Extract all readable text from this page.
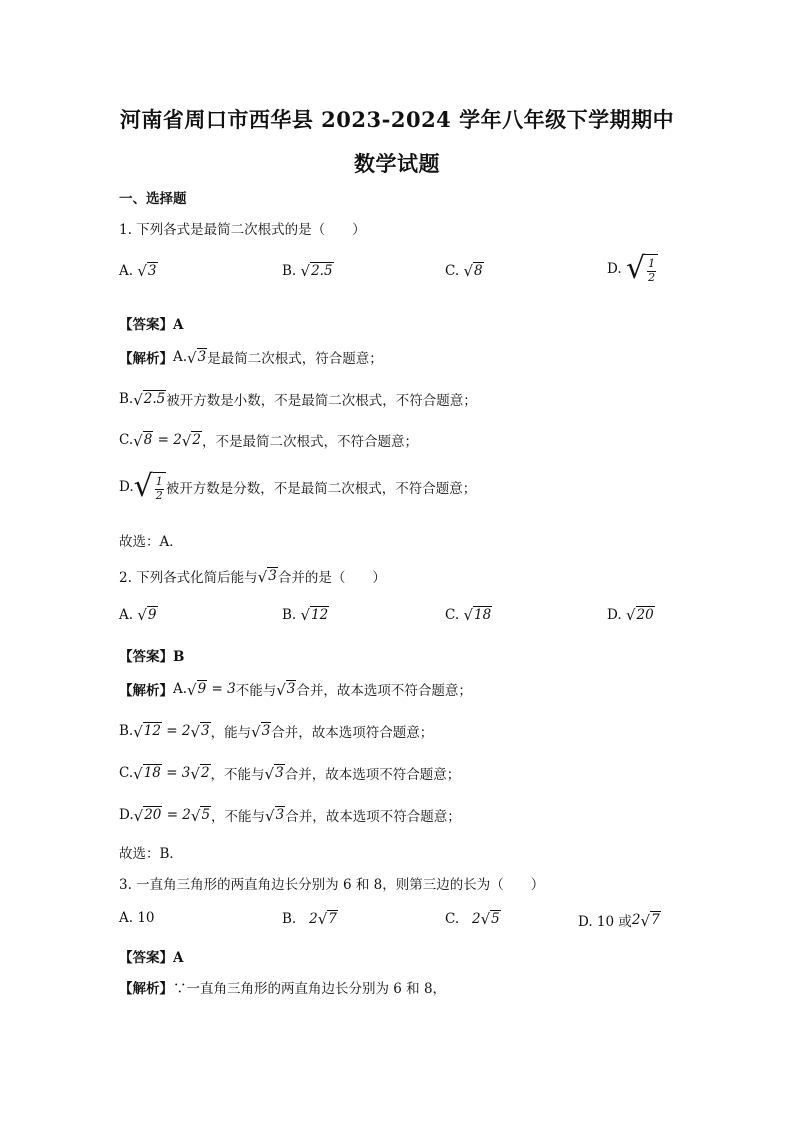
河南省周口市西华县 2023-2024 学年八年级下学期期中
数学试题
一、选择题
1. 下列各式是最简二次根式的是（　　）
A.
√ 3	B.
√ 2.5	C.
√ 8	D.
√ $\frac{1}{2}$
【答案】A
【解析】 A. √ 3 是最简二次根式，符合题意；
B. √ 2.5 被开方数是小数，不是最简二次根式，不符合题意；
C. √ 8
= 2 √ 2 ，不是最简二次根式，不符合题意；
D. √ $\frac{1}{2}$ 被开方数是分数，不是最简二次根式，不符合题意；
故选：A．
2. 下列各式化简后能与 √ 3 合并的是（　　）
A.
√ 9	B.
√ 12	C.
√ 18	D.
√ 20
【答案】B
【解析】 A. √ 9
= 3 不能与 √ 3 合并，故本选项不符合题意；
B. √ 12
= 2 √ 3 ，能与 √ 3 合并，故本选项符合题意；
C. √ 18
= 3 √ 2 ，不能与 √ 3 合并，故本选项不符合题意；
D. √ 20
= 2 √ 5 ，不能与 √ 3 合并，故本选项不符合题意；
故选：B．
3. 一直角三角形的两直角边长分别为 6 和 8，则第三边的长为（　　）
A. 10	B.
2 √ 7	C.
2 √ 5	D. 10 或 2 √ 7
【答案】A
【解析】 ∵一直角三角形的两直角边长分别为 6 和 8，
